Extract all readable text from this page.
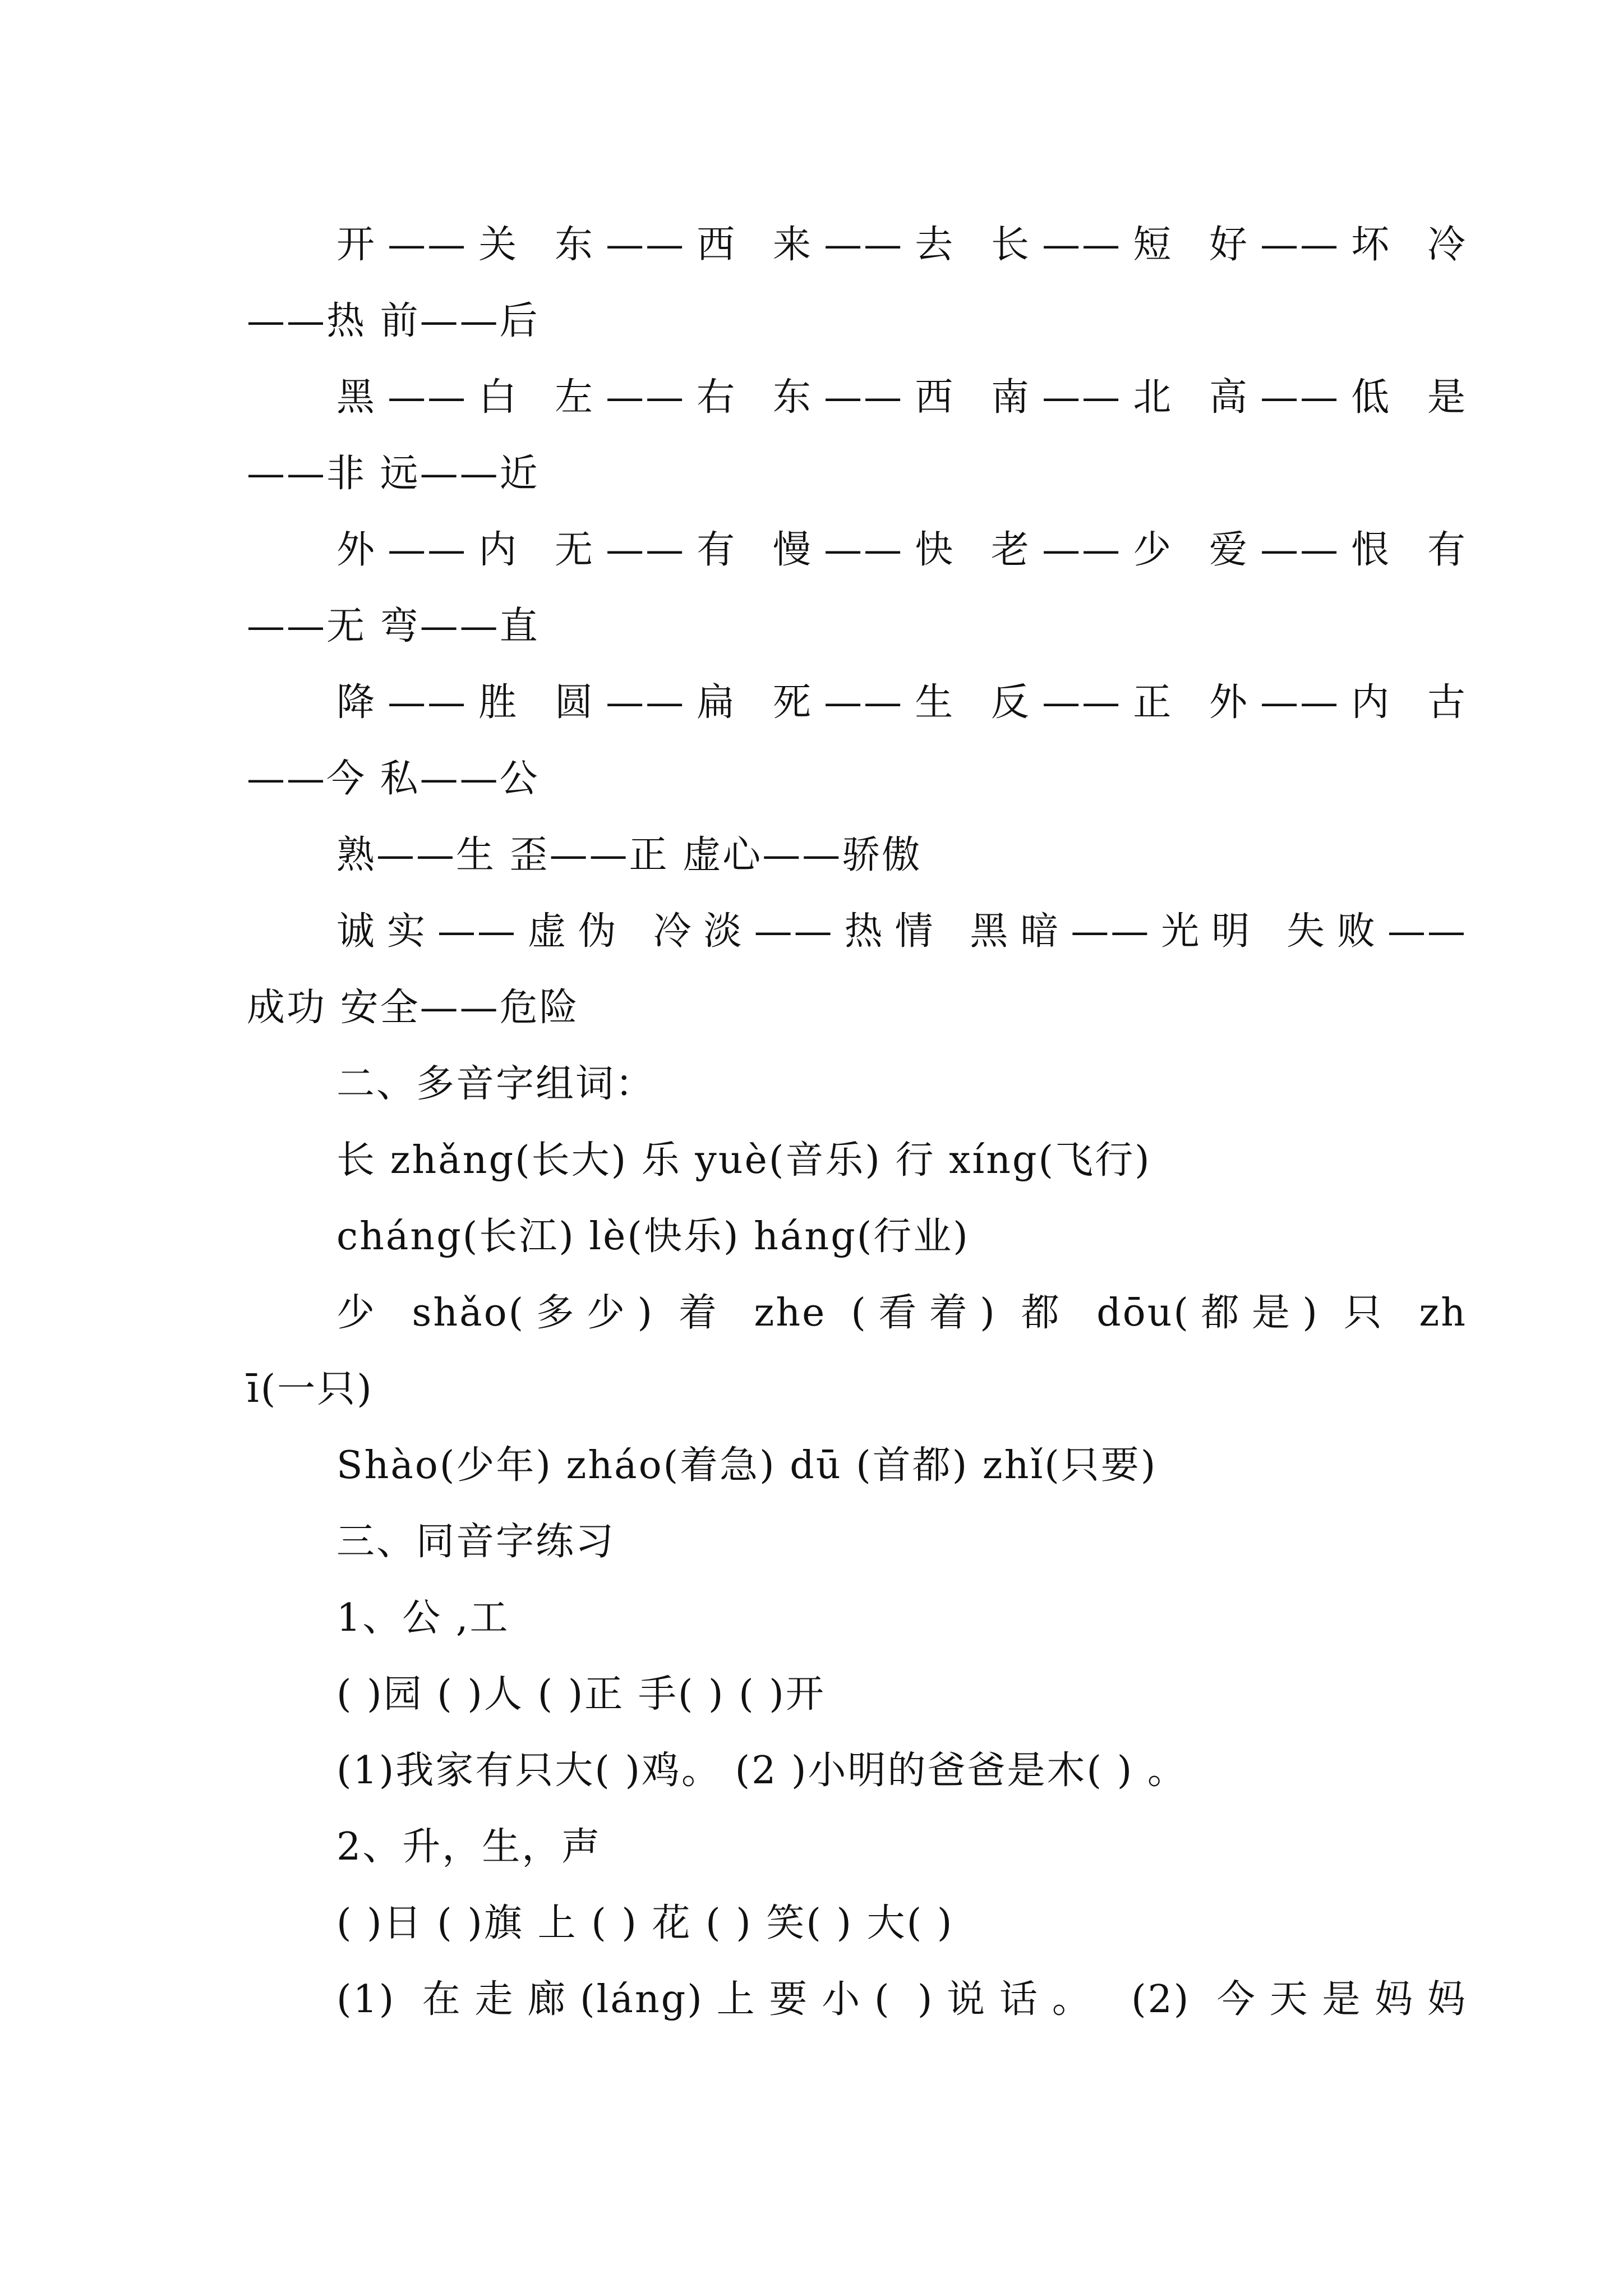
开——关 东——西 来——去 长——短 好——坏 冷
——热 前——后
黑——白 左——右 东——西 南——北 高——低 是
——非 远——近
外——内 无——有 慢——快 老——少 爱——恨 有
——无 弯——直
降——胜 圆——扁 死——生 反——正 外——内 古
——今 私——公
熟——生 歪——正 虚心——骄傲
诚实——虚伪 冷淡——热情 黑暗——光明 失败——
成功 安全——危险
二、多音字组词：
长 zhǎng(长大) 乐 yuè(音乐) 行 xíng(飞行)
cháng(长江) lè(快乐) háng(行业)
少 shǎo(多少) 着 zhe (看着) 都 dōu(都是) 只 zh
ī(一只)
Shào(少年) zháo(着急) dū (首都) zhǐ(只要)
三、同音字练习
1、公 ,工
( )园 ( )人 ( )正 手( ) ( )开
(1)我家有只大( )鸡。 (2 )小明的爸爸是木( ) 。
2、升，生，声
( )日 ( )旗 上 ( ) 花 ( ) 笑( ) 大( )
(1) 在走廊(láng)上要小( )说话。 (2) 今天是妈妈
